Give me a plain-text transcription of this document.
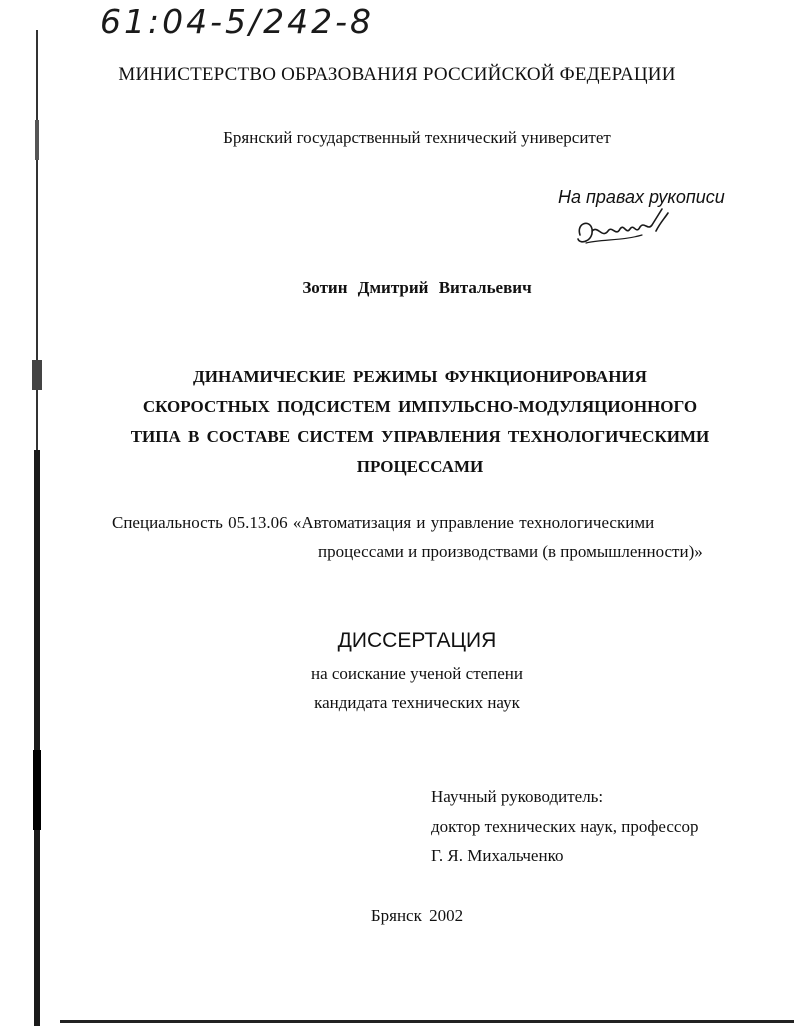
61:04-5/242-8
МИНИСТЕРСТВО ОБРАЗОВАНИЯ РОССИЙСКОЙ ФЕДЕРАЦИИ
Брянский государственный технический университет
На правах рукописи
Зотин Дмитрий Витальевич
ДИНАМИЧЕСКИЕ РЕЖИМЫ ФУНКЦИОНИРОВАНИЯ
СКОРОСТНЫХ ПОДСИСТЕМ ИМПУЛЬСНО-МОДУЛЯЦИОННОГО
ТИПА В СОСТАВЕ СИСТЕМ УПРАВЛЕНИЯ ТЕХНОЛОГИЧЕСКИМИ
ПРОЦЕССАМИ
Специальность 05.13.06 «Автоматизация и управление технологическими
процессами и производствами (в промышленности)»
ДИССЕРТАЦИЯ
на соискание ученой степени
кандидата технических наук
Научный руководитель:
доктор технических наук, профессор
Г. Я. Михальченко
Брянск 2002
